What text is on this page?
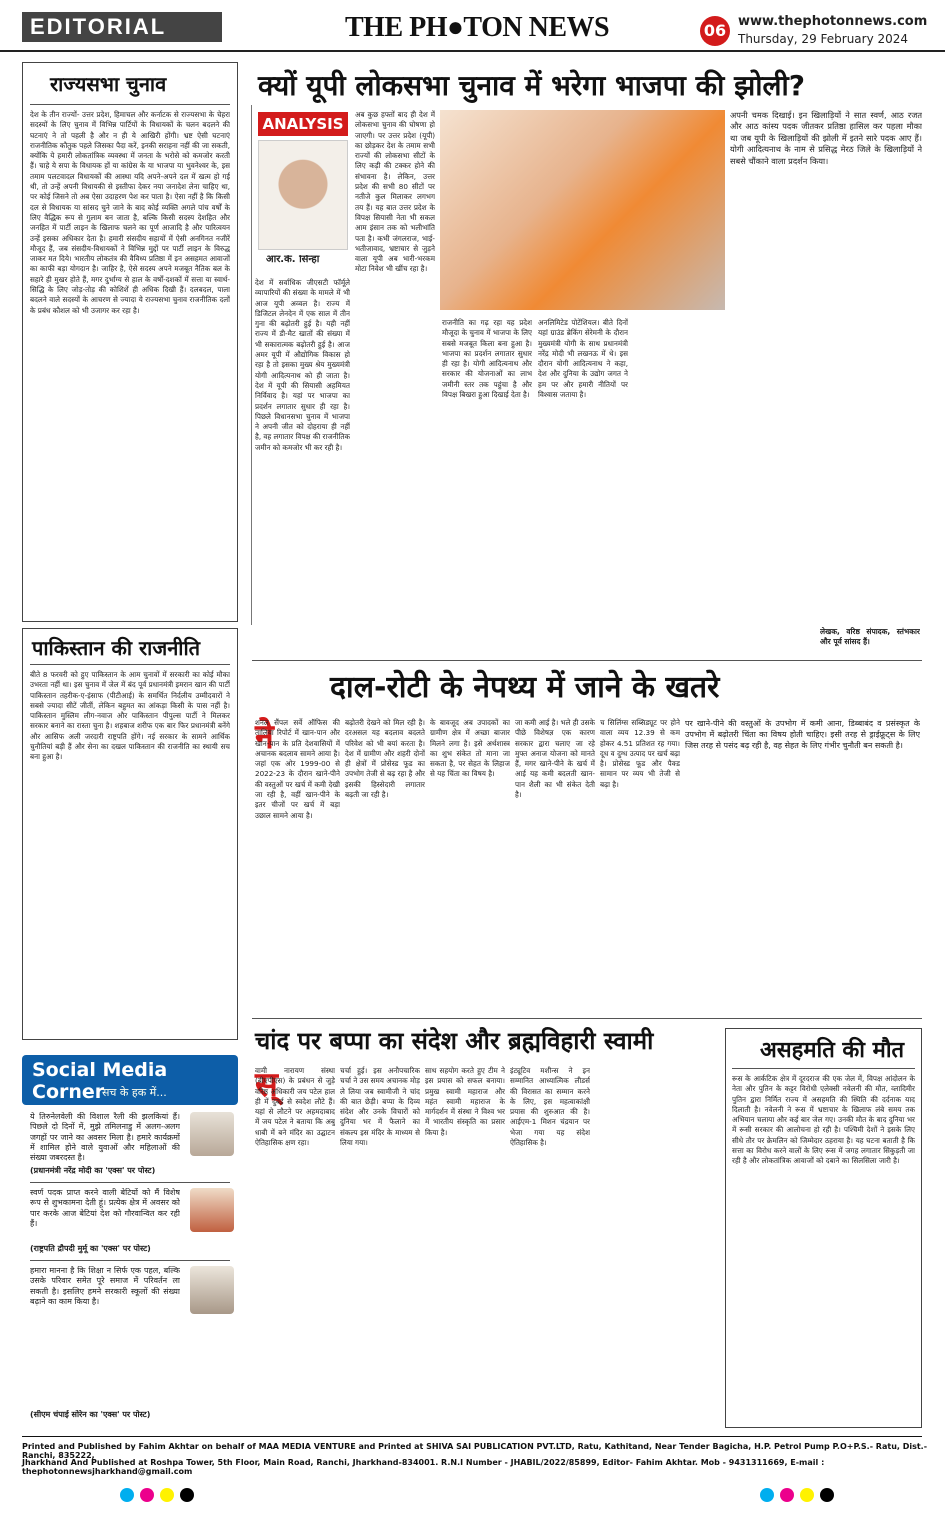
EDITORIAL	THE PH●TON NEWS	06 www.thephotonnews.com
Thursday, 29 February 2024
राज्यसभा चुनाव
देश के तीन राज्यों- उत्तर प्रदेश, हिमाचल और कर्नाटक से राज्यसभा के चेहरा सदस्यों के लिए चुनाव में विभिन्न पार्टियों के विधायकों के चलन बदलने की घटनाएं ने तो पहली है और न ही ये आखिरी होंगी। भ्रष्ट ऐसी घटनाएं राजनीतिक कौतुक पहले जिसका पैदा करें, इनकी सराहना नहीं की जा सकती, क्योंकि ये हमारी लोकतांत्रिक व्यवस्था में जनता के भरोसे को कमजोर करती हैं। चाहे ये सपा के विधायक हों या कांग्रेस के या भाजपा या भुवनेश्वर के, इस तमाम पलटवादल विधायकों की आस्था यदि अपने-अपने दल में खत्म हो गई थी, तो उन्हें अपनी विधायकी से इस्तीफा देकर नया जनादेश लेना चाहिए था, पर कोई जिसने तो अब ऐसा उदाहरण पेश कर पाता है। ऐसा नहीं है कि किसी दल से विधायक या सांसद चुने जाने के बाद कोई व्यक्ति अगले पांच वर्षों के लिए वैद्धिक रूप से गुलाम बन जाता है, बल्कि किसी सदस्य देशहित और जनहित में पार्टी लाइन के खिलाफ चलने का पूर्ण आजादि है और पारित्वयन उन्हें इसका अधिकार देता है। हमारी संसदीय सहायों में ऐसी अनगिनत नजीरें मौजूद हैं, जब संसदीय-विधायकों ने विभिन्न मुद्दों पर पार्टी लाइन के विरुद्ध जाकर मत दिये। भारतीय लोकतंत्र की वैविध्य प्रतिष्ठा में इन असहमत आवाजों का काफी बड़ा योगदान है। जाहिर है, ऐसे सदस्य अपने मजबूत नैतिक बल के सहारे ही मुखर होते हैं, मगर दुर्भाग्य से हाल के वर्षों-दशकों में सत्ता या स्वार्थ-सिद्धि के लिए जोड़-तोड़ की कोशिशें ही अधिक दिखी हैं। दलबदल, पाला बदलने वाले सदस्यों के आचरण से ज्यादा ये राज्यसभा चुनाव राजनीतिक दलों के प्रबंध कौशल को भी उजागर कर रहा है।
पाकिस्तान की राजनीति
बीते 8 फरवरी को हुए पाकिस्तान के आम चुनावों में सरकारी का कोई मौका उभरता नहीं था। इस चुनाव में जेल में बंद पूर्व प्रधानमंत्री इमरान खान की पार्टी पाकिस्तान तहरीक-ए-इंसाफ (पीटीआई) के समर्थित निर्दलीय उम्मीदवारों ने सबसे ज्यादा सीटें जीतीं, लेकिन बहुमत का आंकड़ा किसी के पास नहीं है। पाकिस्तान मुस्लिम लीग-नवाज और पाकिस्तान पीपुल्स पार्टी ने मिलकर सरकार बनाने का रास्ता चुना है। शहबाज शरीफ एक बार फिर प्रधानमंत्री बनेंगे और आसिफ अली जरदारी राष्ट्रपति होंगे। नई सरकार के सामने आर्थिक चुनौतियां बड़ी हैं और सेना का दखल पाकिस्तान की राजनीति का स्थायी सच बना हुआ है।
Social Media Corner
सच के हक में...
ये तिरुनेलवेली की विशाल रैली की झलकियां हैं। पिछले दो दिनों में, मुझे तमिलनाडु में अलग-अलग जगहों पर जाने का अवसर मिला है। हमारे कार्यक्रमों में शामिल होने वाले युवाओं और महिलाओं की संख्या जबरदस्त है।
(प्रधानमंत्री नरेंद्र मोदी का 'एक्स' पर पोस्ट)
स्वर्ण पदक प्राप्त करने वाली बेटियों को मैं विशेष रूप से शुभकामना देती हूं। प्रत्येक क्षेत्र में अवसर को पार करके आज बेटियां देश को गौरवान्वित कर रही हैं।
(राष्ट्रपति द्रौपदी मुर्मू का 'एक्स' पर पोस्ट)
हमारा मानना है कि शिक्षा न सिर्फ एक पहल, बल्कि उसके परिवार समेत पूरे समाज में परिवर्तन ला सकती है। इसलिए हमने सरकारी स्कूलों की संख्या बढ़ाने का काम किया है।
(सीएम चंपाई सोरेन का 'एक्स' पर पोस्ट)
क्यों यूपी लोकसभा चुनाव में भरेगा भाजपा की झोली?
ANALYSIS
आर.के. सिन्हा
देश में सर्वाधिक जीएसटी फॉर्मूले व्यापारियों की संख्या के मामले में भी आज यूपी अव्वल है। राज्य में डिजिटल लेनदेन में एक साल में तीन गुना की बढ़ोतरी हुई है। यही नहीं राज्य में डी-मैट खातों की संख्या में भी सकारात्मक बढ़ोतरी हुई है। आज अमर यूपी में औद्योगिक विकास हो रहा है तो इसका मुख्य श्रेय मुख्यमंत्री योगी आदित्यनाथ को ही जाता है। देश में यूपी की सियासी अहमियत निर्विवाद है। यहां पर भाजपा का प्रदर्शन लगातार सुधार ही रहा है। पिछले विधानसभा चुनाव में भाजपा ने अपनी जीत को दोहराया ही नहीं है, वह लगातार विपक्ष की राजनीतिक जमीन को कमजोर भी कर रही है।
अब कुछ हफ्तों बाद ही देश में लोकसभा चुनाव की घोषणा हो जाएगी। पर उत्तर प्रदेश (यूपी) का छोड़कर देश के तमाम सभी राज्यों की लोकसभा सीटों के लिए कड़ी की टक्कर होने की संभावना है। लेकिन, उत्तर प्रदेश की सभी 80 सीटों पर नतीजे कुल मिलाकर लगभग तय हैं। यह बात उत्तर प्रदेश के विपक्ष सियासी नेता भी सकल आम इंसान तक को भलीभांति पता है। कभी जंगलराज, भाई-भतीजावाद, भ्रष्टाचार से जुड़ने वाला यूपी अब भारी-भरकम मोटा निवेश भी खींच रहा है।
राजनीति का गढ़ रहा यह प्रदेश मौजूदा के चुनाव में भाजपा के लिए सबसे मजबूत किला बना हुआ है। भाजपा का प्रदर्शन लगातार सुधार ही रहा है। योगी आदित्यनाथ और सरकार की योजनाओं का लाभ जमीनी स्तर तक पहुंचा है और विपक्ष बिखरा हुआ दिखाई देता है।
अनलिमिटेड पोटेंशियल। बीते दिनों यहां ग्राउंड ब्रेकिंग सेरेमनी के दौरान मुख्यमंत्री योगी के साथ प्रधानमंत्री नरेंद्र मोदी भी लखनऊ में थे। इस दौरान योगी आदित्यनाथ ने कहा, देश और दुनिया के उद्योग जगत ने हम पर और हमारी नीतियों पर विश्वास जताया है।
अपनी चमक दिखाई। इन खिलाड़ियों ने सात स्वर्ण, आठ रजत और आठ कांस्य पदक जीतकर प्रतिष्ठा हासिल कर पहला मौका था जब यूपी के खिलाड़ियों की झोली में इतने सारे पदक आए हैं। योगी आदित्यनाथ के नाम से प्रसिद्ध मेरठ जिले के खिलाड़ियों ने सबसे चौंकाने वाला प्रदर्शन किया।
लेखक, वरिष्ठ संपादक, स्तंभकार और पूर्व सांसद हैं।
दाल-रोटी के नेपथ्य में जाने के खतरे
ने
शनल सैंपल सर्वे ऑफिस की तालिया रिपोर्ट में खान-पान और खान-पान के प्रति देशवासियों में अचानक बदलाव सामने आया है। जहां एक ओर 1999-00 से 2022-23 के दौरान खाने-पीने की वस्तुओं पर खर्च में कमी देखी जा रही है, वहीं खान-पीने के इतर चीजों पर खर्च में बड़ा उछाल सामने आया है।
बढ़ोतरी देखने को मिल रही है। दरअसल यह बदलाव बदलते परिवेश को भी बयां करता है। देश में ग्रामीण और शहरी दोनों ही क्षेत्रों में प्रोसेस्ड फूड का उपभोग तेजी से बढ़ रहा है और इसकी हिस्सेदारी लगातार बढ़ती जा रही है।
के बावजूद अब उपादकों का ग्रामीण क्षेत्र में अच्छा बाजार मिलने लगा है। इसे अर्थशास्त्र का शुभ संकेत तो माना जा सकता है, पर सेहत के लिहाज से यह चिंता का विषय है।
जा कमी आई है। भले ही उसके पीछे विशेषज्ञ एक कारण सरकार द्वारा चलाए जा रहे मुफ्त अनाज योजना को मानते हैं, मगर खाने-पीने के खर्च में आई यह कमी बदलती खान-पान शैली का भी संकेत देती है।
च सिलिंग्स सब्सिड्यूट पर होने वाला व्यय 12.39 से कम होकर 4.51 प्रतिशत रह गया। दूध व दुग्ध उत्पाद पर खर्च बढ़ा है। प्रोसेस्ड फूड और पैक्ड सामान पर व्यय भी तेजी से बढ़ा है।
पर खाने-पीने की वस्तुओं के उपभोग में कमी आना, डिब्बाबंद व प्रसंस्कृत के उपभोग में बढ़ोतरी चिंता का विषय होती चाहिए। इसी तरह से ड्राईफ्रूट्स के लिए जिस तरह से पसंद बढ़ रही है, वह सेहत के लिए गंभीर चुनौती बन सकती है।
चांद पर बप्पा का संदेश और ब्रह्मविहारी स्वामी
स्
वामी नारायण संस्था (बीएपीएस) के प्रबंधन से जुड़े वरिष्ठ अधिकारी जय पटेल हाल ही में दुबई से स्वदेश लौटे हैं। यहां से लौटने पर अहमदाबाद में जय पटेल ने बताया कि अबु धाबी में बने मंदिर का उद्घाटन ऐतिहासिक क्षण रहा।
चर्चा हुई। इस अनौपचारिक चर्चा ने उस समय अचानक मोड़ ले लिया जब स्वामीजी ने चांद की बात छेड़ी। बप्पा के दिव्य संदेश और उनके विचारों को दुनिया भर में फैलाने का संकल्प इस मंदिर के माध्यम से लिया गया।
साथ सहयोग करते हुए टीम ने इस प्रयास को सफल बनाया। प्रमुख स्वामी महाराज और महंत स्वामी महाराज के मार्गदर्शन में संस्था ने विश्व भर में भारतीय संस्कृति का प्रसार किया है।
इंट्यूटिव मशीन्स ने इन सम्मानित आध्यात्मिक लीडर्स की विरासत का सम्मान करने के लिए, इस महत्वाकांक्षी प्रयास की शुरुआत की है। आईएम-1 मिशन चंद्रयान पर भेजा गया यह संदेश ऐतिहासिक है।
असहमति की मौत
रूस के आर्कटिक क्षेत्र में दूरदराज की एक जेल में, विपक्ष आंदोलन के नेता और पुतिन के कट्टर विरोधी एलेक्सी नवेलनी की मौत, व्लादिमीर पुतिन द्वारा निर्मित राज्य में असहमति की स्थिति की दर्दनाक याद दिलाती है। नवेलनी ने रूस में भ्रष्टाचार के खिलाफ लंबे समय तक अभियान चलाया और कई बार जेल गए। उनकी मौत के बाद दुनिया भर में रूसी सरकार की आलोचना हो रही है। पश्चिमी देशों ने इसके लिए सीधे तौर पर क्रेमलिन को जिम्मेदार ठहराया है। यह घटना बताती है कि सत्ता का विरोध करने वालों के लिए रूस में जगह लगातार सिकुड़ती जा रही है और लोकतांत्रिक आवाजों को दबाने का सिलसिला जारी है।
Printed and Published by Fahim Akhtar on behalf of MAA MEDIA VENTURE and Printed at SHIVA SAI PUBLICATION PVT.LTD, Ratu, Kathitand, Near Tender Bagicha, H.P. Petrol Pump P.O+P.S.- Ratu, Dist.-Ranchi, 835222,
Jharkhand And Published at Roshpa Tower, 5th Floor, Main Road, Ranchi, Jharkhand-834001. R.N.I Number - JHABIL/2022/85899, Editor- Fahim Akhtar. Mob - 9431311669, E-mail : thephotonnewsjharkhand@gmail.com
